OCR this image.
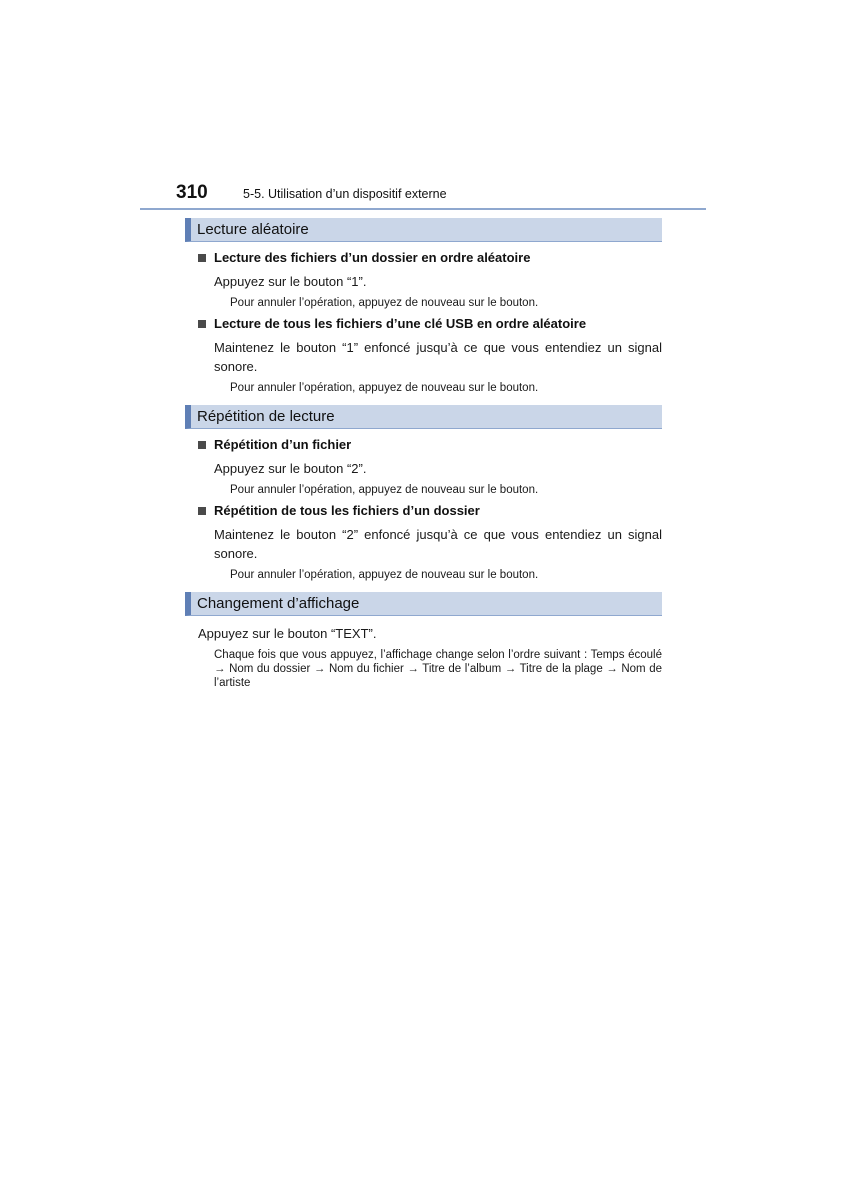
310	5-5. Utilisation d’un dispositif externe
Lecture aléatoire
Lecture des fichiers d’un dossier en ordre aléatoire
Appuyez sur le bouton “1”.
Pour annuler l’opération, appuyez de nouveau sur le bouton.
Lecture de tous les fichiers d’une clé USB en ordre aléatoire
Maintenez le bouton “1” enfoncé jusqu’à ce que vous entendiez un signal sonore.
Pour annuler l’opération, appuyez de nouveau sur le bouton.
Répétition de lecture
Répétition d’un fichier
Appuyez sur le bouton “2”.
Pour annuler l’opération, appuyez de nouveau sur le bouton.
Répétition de tous les fichiers d’un dossier
Maintenez le bouton “2” enfoncé jusqu’à ce que vous entendiez un signal sonore.
Pour annuler l’opération, appuyez de nouveau sur le bouton.
Changement d’affichage
Appuyez sur le bouton “TEXT”.
Chaque fois que vous appuyez, l’affichage change selon l’ordre suivant : Temps écoulé → Nom du dossier → Nom du fichier → Titre de l’album → Titre de la plage → Nom de l’artiste
